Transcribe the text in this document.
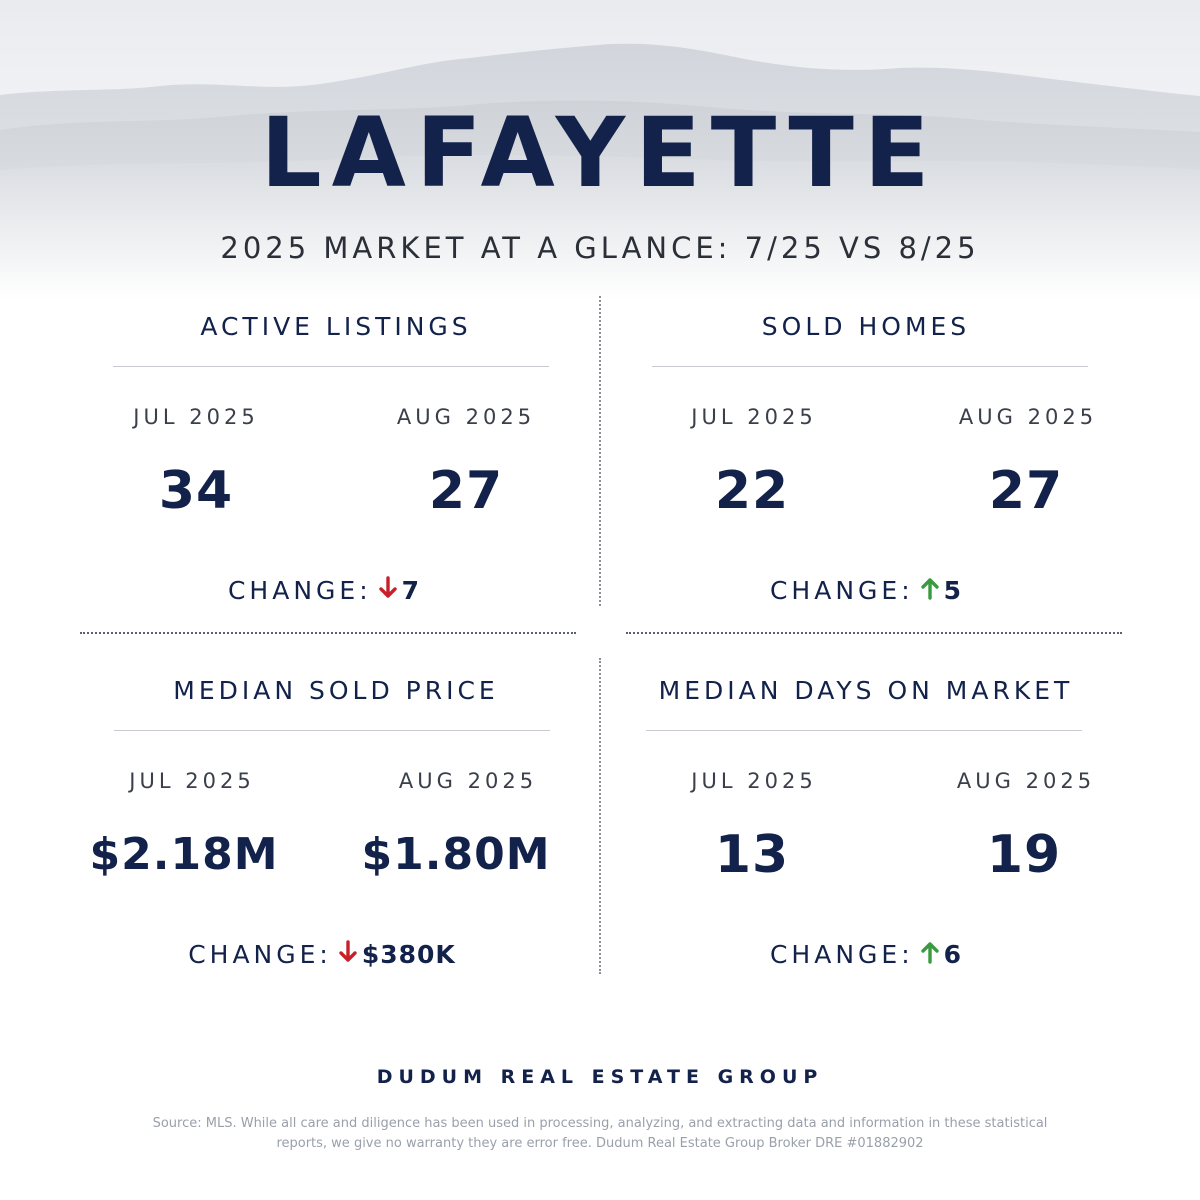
LAFAYETTE
2025 MARKET AT A GLANCE: 7/25 VS 8/25
ACTIVE LISTINGS
JUL 2025	AUG 2025
34	27
CHANGE: 7
SOLD HOMES
JUL 2025	AUG 2025
22	27
CHANGE: 5
MEDIAN SOLD PRICE
JUL 2025	AUG 2025
$2.18M	$1.80M
CHANGE: $380K
MEDIAN DAYS ON MARKET
JUL 2025	AUG 2025
13	19
CHANGE: 6
DUDUM REAL ESTATE GROUP
Source: MLS. While all care and diligence has been used in processing, analyzing, and extracting data and information in these statistical reports, we give no warranty they are error free. Dudum Real Estate Group Broker DRE #01882902
